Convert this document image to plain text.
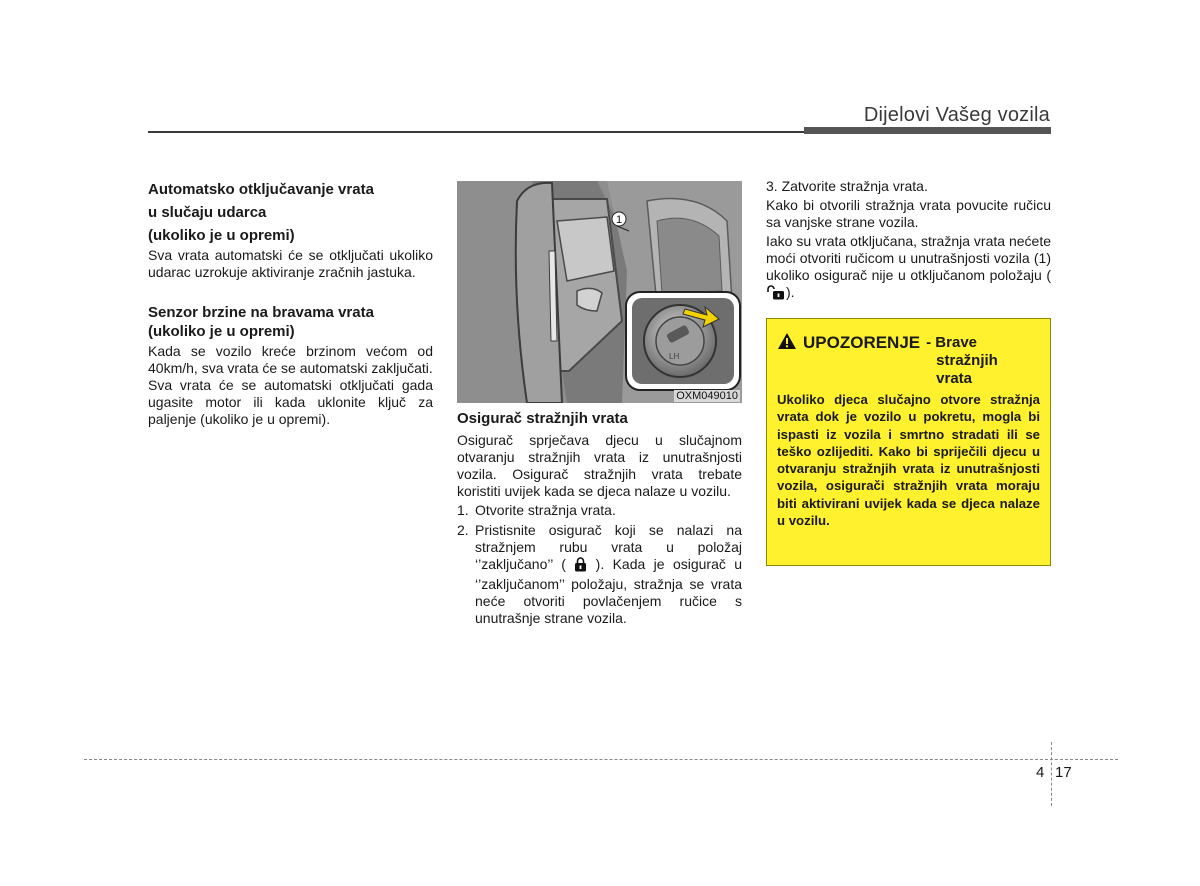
Dijelovi Vašeg vozila
Automatsko otključavanje vrata
u slučaju udarca
(ukoliko je u opremi)
Sva vrata automatski će se otključati ukoliko udarac uzrokuje aktiviranje zračnih jastuka.
Senzor brzine na bravama vrata
(ukoliko je u opremi)
Kada se vozilo kreće brzinom većom od 40km/h, sva vrata će se automatski zaključati.
Sva vrata će se automatski otključati gada ugasite motor ili kada uklonite ključ za paljenje (ukoliko je u opremi).
1
LH
OXM049010
Osigurač stražnjih vrata
Osigurač sprječava djecu u slučajnom otvaranju stražnjih vrata iz unutrašnjosti vozila. Osigurač stražnjih vrata trebate koristiti uvijek kada se djeca nalaze u vozilu.
1. Otvorite stražnja vrata.
2. Pristisnite osigurač koji se nalazi na stražnjem rubu vrata u položaj ‘’zaključano’’ ( ). Kada je osigurač u ‘’zaključanom’’ položaju, stražnja se vrata neće otvoriti povlačenjem ručice s unutrašnje strane vozila.
3. Zatvorite stražnja vrata.
Kako bi otvorili stražnja vrata povucite ručicu sa vanjske strane vozila.
Iako su vrata otključana, stražnja vrata nećete moći otvoriti ručicom u unutrašnjosti vozila (1) ukoliko osigurač nije u otključanom položaju ( ).
UPOZORENJE - Brave
stražnjih
vrata
Ukoliko djeca slučajno otvore stražnja vrata dok je vozilo u pokretu, mogla bi ispasti iz vozila i smrtno stradati ili se teško ozlijediti. Kako bi spriječili djecu u otvaranju stražnjih vrata iz unutrašnjosti vozila, osigurači stražnjih vrata moraju biti aktivirani uvijek kada se djeca nalaze u vozilu.
4 17
